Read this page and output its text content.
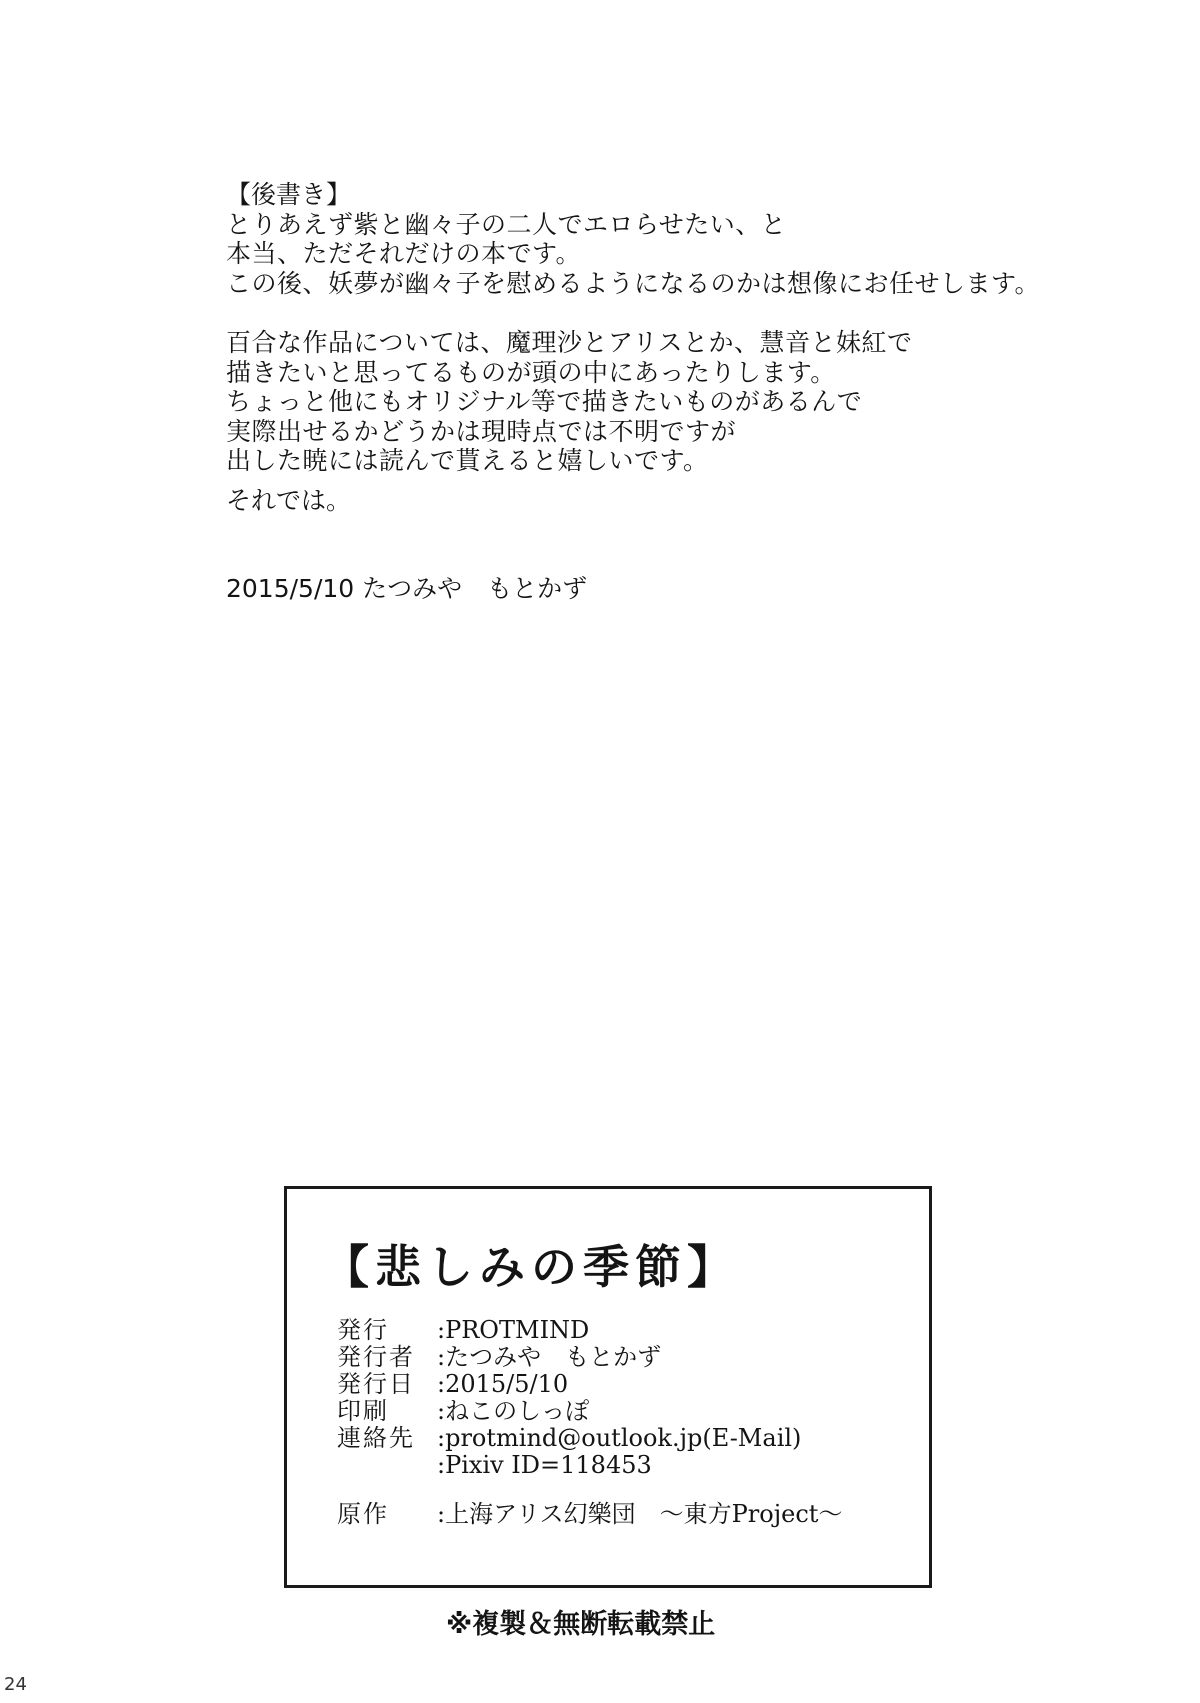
【後書き】
とりあえず紫と幽々子の二人でエロらせたい、と
本当、ただそれだけの本です。
この後、妖夢が幽々子を慰めるようになるのかは想像にお任せします。
百合な作品については、魔理沙とアリスとか、慧音と妹紅で
描きたいと思ってるものが頭の中にあったりします。
ちょっと他にもオリジナル等で描きたいものがあるんで
実際出せるかどうかは現時点では不明ですが
出した暁には読んで貰えると嬉しいです。
それでは。
2015/5/10 たつみや　もとかず
【悲しみの季節】
発行	:PROTMIND
発行者 :たつみや　もとかず
発行日 :2015/5/10
印刷	:ねこのしっぽ
連絡先 :protmind@outlook.jp(E-Mail)
:Pixiv ID=118453
原作	:上海アリス幻樂団　～東方Project～
※複製＆無断転載禁止
24
